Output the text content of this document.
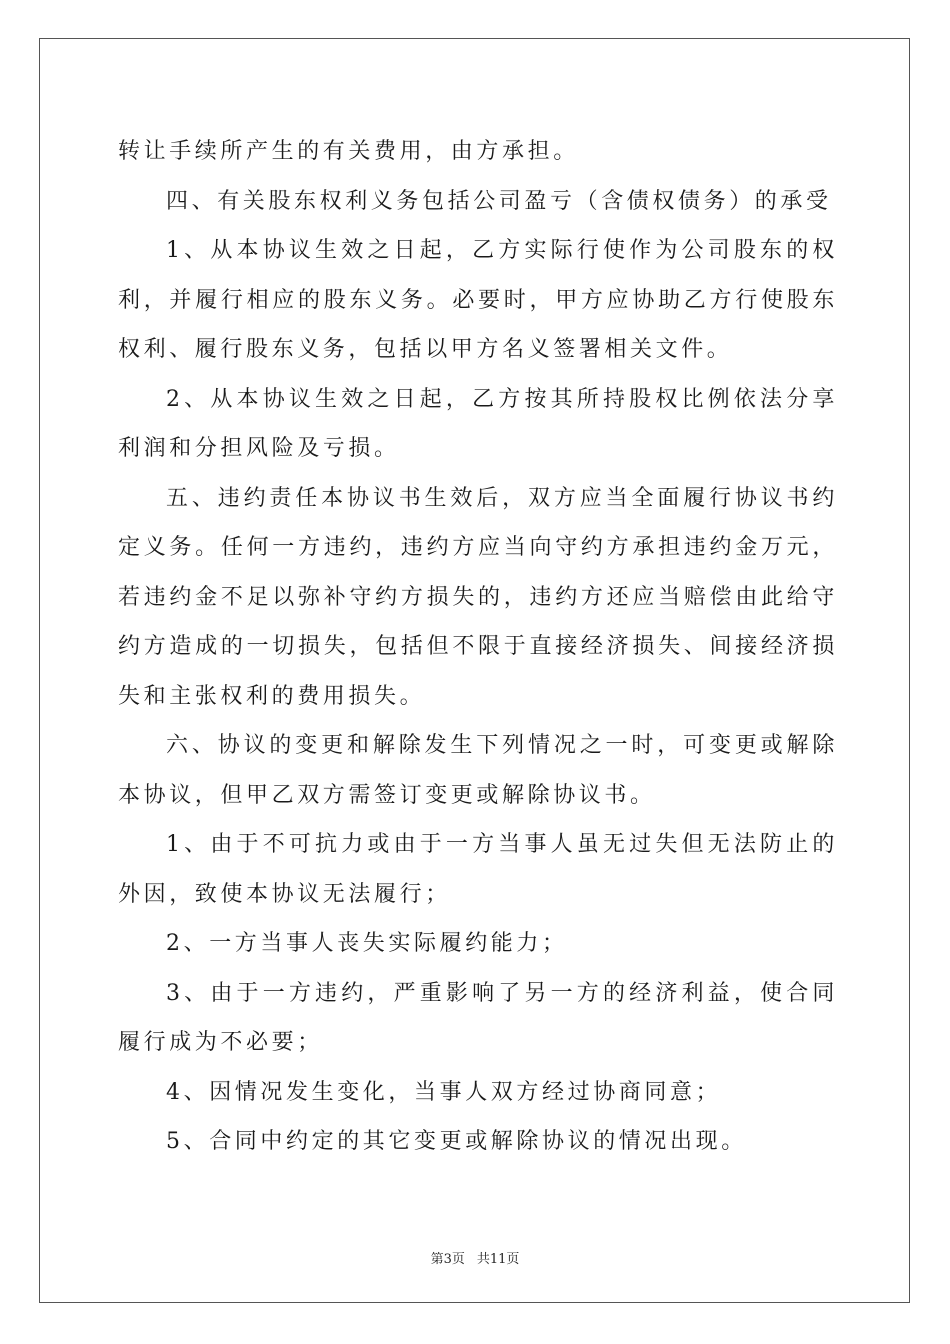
转让手续所产生的有关费用，由方承担。

四、有关股东权利义务包括公司盈亏（含债权债务）的承受

1、从本协议生效之日起，乙方实际行使作为公司股东的权利，并履行相应的股东义务。必要时，甲方应协助乙方行使股东权利、履行股东义务，包括以甲方名义签署相关文件。

2、从本协议生效之日起，乙方按其所持股权比例依法分享利润和分担风险及亏损。

五、违约责任本协议书生效后，双方应当全面履行协议书约定义务。任何一方违约，违约方应当向守约方承担违约金万元，若违约金不足以弥补守约方损失的，违约方还应当赔偿由此给守约方造成的一切损失，包括但不限于直接经济损失、间接经济损失和主张权利的费用损失。

六、协议的变更和解除发生下列情况之一时，可变更或解除本协议，但甲乙双方需签订变更或解除协议书。

1、由于不可抗力或由于一方当事人虽无过失但无法防止的外因，致使本协议无法履行；

2、一方当事人丧失实际履约能力；

3、由于一方违约，严重影响了另一方的经济利益，使合同履行成为不必要；

4、因情况发生变化，当事人双方经过协商同意；

5、合同中约定的其它变更或解除协议的情况出现。

第3页 共11页
